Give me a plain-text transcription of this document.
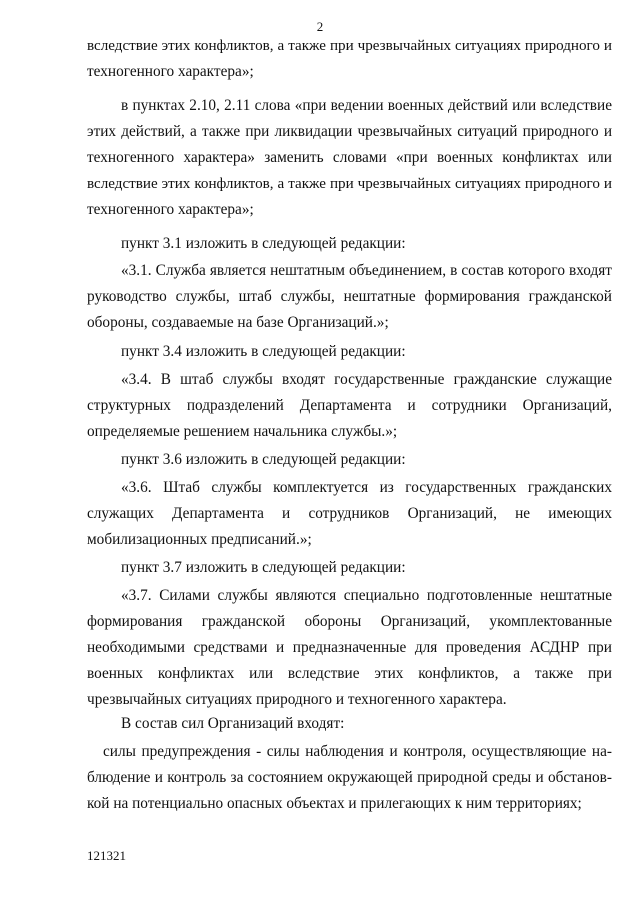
2
вследствие этих конфликтов, а также при чрезвычайных ситуациях природного и
техногенного характера»;
в пунктах 2.10, 2.11 слова «при ведении военных действий или вследствие
этих действий, а также при ликвидации чрезвычайных ситуаций природного и
техногенного характера» заменить словами «при военных конфликтах или
вследствие этих конфликтов, а также при чрезвычайных ситуациях природного и
техногенного характера»;
пункт 3.1 изложить в следующей редакции:
«3.1. Служба является нештатным объединением, в состав которого входят
руководство службы, штаб службы, нештатные формирования гражданской
обороны, создаваемые на базе Организаций.»;
пункт 3.4 изложить в следующей редакции:
«3.4. В штаб службы входят государственные гражданские служащие
структурных подразделений Департамента и сотрудники Организаций,
определяемые решением начальника службы.»;
пункт 3.6 изложить в следующей редакции:
«3.6. Штаб службы комплектуется из государственных гражданских
служащих Департамента и сотрудников Организаций, не имеющих
мобилизационных предписаний.»;
пункт 3.7 изложить в следующей редакции:
«3.7. Силами службы являются специально подготовленные нештатные
формирования гражданской обороны Организаций, укомплектованные
необходимыми средствами и предназначенные для проведения АСДНР при
военных конфликтах или вследствие этих конфликтов, а также при
чрезвычайных ситуациях природного и техногенного характера.
В состав сил Организаций входят:
силы предупреждения - силы наблюдения и контроля, осуществляющие на-
блюдение и контроль за состоянием окружающей природной среды и обстанов-
кой на потенциально опасных объектах и прилегающих к ним территориях;
121321
